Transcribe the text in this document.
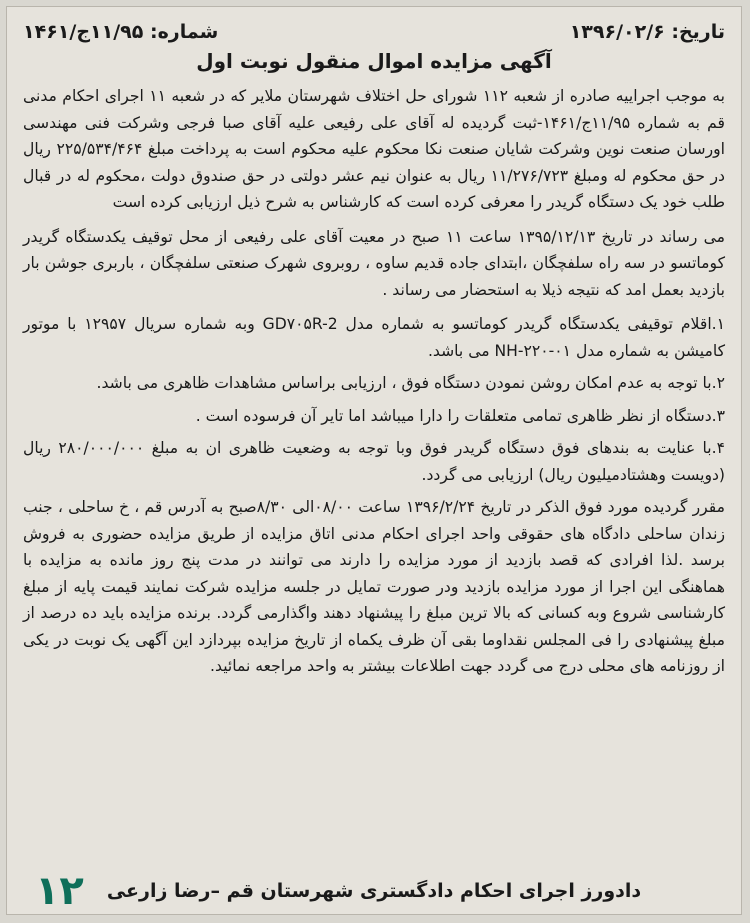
تاریخ: ۱۳۹۶/۰۲/۶
شماره: ۱۱/۹۵ج/۱۴۶۱
آگهی مزایده اموال منقول نوبت اول

به موجب اجراییه صادره از شعبه ۱۱۲ شورای حل اختلاف شهرستان ملایر که در شعبه ۱۱ اجرای احکام مدنی قم به شماره ۱۱/۹۵ج/۱۴۶۱-ثبت گردیده له آقای علی رفیعی علیه آقای صبا فرجی وشرکت فنی مهندسی اورسان صنعت نوین وشرکت شایان صنعت نکا محکوم علیه محکوم است به پرداخت مبلغ ۲۲۵/۵۳۴/۴۶۴ ریال در حق محکوم له ومبلغ ۱۱/۲۷۶/۷۲۳ ریال به عنوان نیم عشر دولتی در حق صندوق دولت ،محکوم له در قبال طلب خود یک دستگاه گریدر را معرفی کرده است که کارشناس به شرح ذیل ارزیابی کرده است

می رساند در تاریخ ۱۳۹۵/۱۲/۱۳ ساعت ۱۱ صبح در معیت آقای علی رفیعی از محل توقیف یکدستگاه گریدر کوماتسو در سه راه سلفچگان ،ابتدای جاده قدیم ساوه ، روبروی شهرک صنعتی سلفچگان ، باربری جوشن بار بازدید بعمل امد که نتیجه ذیلا به استحضار می رساند .

۱.اقلام توقیفی یکدستگاه گریدر کوماتسو به شماره مدل GD۷۰۵R-2 وبه شماره سریال ۱۲۹۵۷ با موتور کامیشن به شماره مدل NH-۲۲۰-۰۱ می باشد.

۲.با توجه به عدم امکان روشن نمودن دستگاه فوق ، ارزیابی براساس مشاهدات ظاهری می باشد.

۳.دستگاه از نظر ظاهری تمامی متعلقات را دارا میباشد اما تایر آن فرسوده است .

۴.با عنایت به بندهای فوق دستگاه گریدر فوق وبا توجه به وضعیت ظاهری ان به مبلغ ۲۸۰/۰۰۰/۰۰۰ ریال (دویست وهشتادمیلیون ریال) ارزیابی می گردد.

مقرر گردیده مورد فوق الذکر در تاریخ ۱۳۹۶/۲/۲۴ ساعت ۰۸/۰۰الی ۸/۳۰صبح به آدرس قم ، خ ساحلی ، جنب زندان ساحلی دادگاه های حقوقی واحد اجرای احکام مدنی اتاق مزایده از طریق مزایده حضوری به فروش برسد .لذا افرادی که قصد بازدید از مورد مزایده را دارند می توانند در مدت پنج روز مانده به مزایده با هماهنگی این اجرا از مورد مزایده بازدید ودر صورت تمایل در جلسه مزایده شرکت نمایند قیمت پایه از مبلغ کارشناسی شروع وبه کسانی که بالا ترین مبلغ را پیشنهاد دهند واگذارمی گردد. برنده مزایده باید ده درصد از مبلغ پیشنهادی را فی المجلس نقداوما بقی آن ظرف یکماه از تاریخ مزایده بپردازد این آگهی یک نوبت در یکی از روزنامه های محلی درج می گردد جهت اطلاعات بیشتر به واحد مراجعه نمائید.

دادورز اجرای احکام دادگستری شهرستان قم –رضا زارعی
۱۲
